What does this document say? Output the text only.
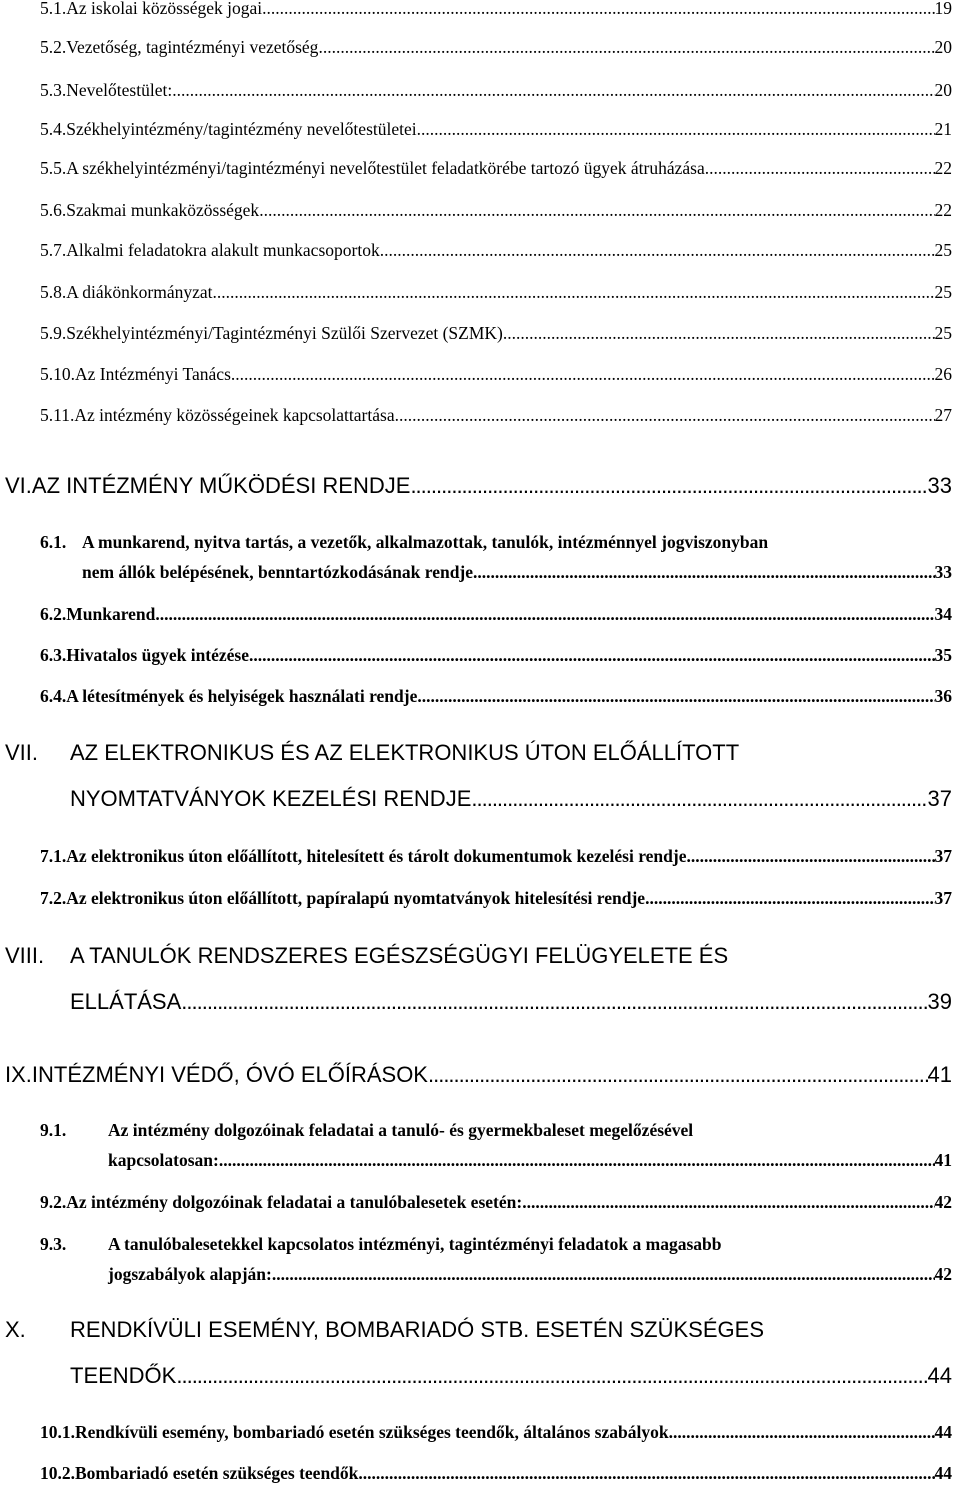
5.1. Az iskolai közösségek jogai .....	19
5.2. Vezetőség, tagintézményi vezetőség .....	20
5.3. Nevelőtestület: .....	20
5.4. Székhelyintézmény/tagintézmény nevelőtestületei .....	21
5.5. A székhelyintézményi/tagintézményi nevelőtestület feladatkörébe tartozó ügyek átruházása .....	22
5.6. Szakmai munkaközösségek .....	22
5.7. Alkalmi feladatokra alakult munkacsoportok .....	25
5.8. A diákönkormányzat .....	25
5.9. Székhelyintézményi/Tagintézményi Szülői Szervezet (SZMK) .....	25
5.10. Az Intézményi Tanács .....	26
5.11. Az intézmény közösségeinek kapcsolattartása .....	27
VI. AZ INTÉZMÉNY MŰKÖDÉSI RENDJE .....	33
6.1. A munkarend, nyitva tartás, a vezetők, alkalmazottak, tanulók, intézménnyel jogviszonyban
nem állók belépésének, benntartózkodásának rendje .....	33
6.2. Munkarend .....	34
6.3. Hivatalos ügyek intézése .....	35
6.4. A létesítmények és helyiségek használati rendje .....	36
VII. AZ ELEKTRONIKUS ÉS AZ ELEKTRONIKUS ÚTON ELŐÁLLÍTOTT
NYOMTATVÁNYOK KEZELÉSI RENDJE .....	37
7.1. Az elektronikus úton előállított, hitelesített és tárolt dokumentumok kezelési rendje .....	37
7.2. Az elektronikus úton előállított, papíralapú nyomtatványok hitelesítési rendje .....	37
VIII. A TANULÓK RENDSZERES EGÉSZSÉGÜGYI FELÜGYELETE ÉS
ELLÁTÁSA .....	39
IX. INTÉZMÉNYI VÉDŐ, ÓVÓ ELŐÍRÁSOK .....	41
9.1. Az intézmény dolgozóinak feladatai a tanuló- és gyermekbaleset megelőzésével
kapcsolatosan: .....	41
9.2. Az intézmény dolgozóinak feladatai a tanulóbalesetek esetén: .....	42
9.3. A tanulóbalesetekkel kapcsolatos intézményi, tagintézményi feladatok a magasabb
jogszabályok alapján: .....	42
X. RENDKÍVÜLI ESEMÉNY, BOMBARIADÓ STB. ESETÉN SZÜKSÉGES
TEENDŐK .....	44
10.1. Rendkívüli esemény, bombariadó esetén szükséges teendők, általános szabályok .....	44
10.2. Bombariadó esetén szükséges teendők .....	44
